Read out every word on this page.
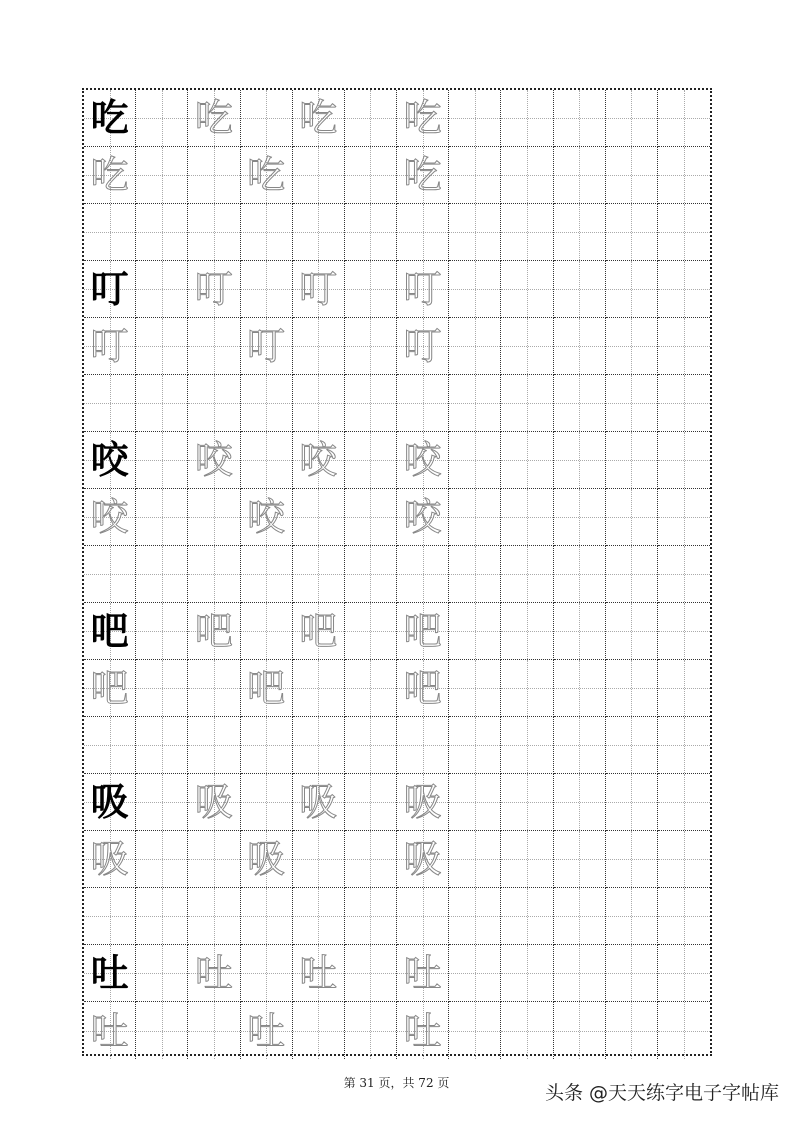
吃 吃 吃 吃
吃	吃	吃
叮 叮 叮 叮
叮	叮	叮
咬 咬 咬 咬
咬	咬	咬
吧 吧 吧 吧
吧	吧	吧
吸 吸 吸 吸
吸	吸	吸
吐 吐 吐 吐
吐	吐	吐
第 31 页，共 72 页	头条 @天天练字电子字帖库
